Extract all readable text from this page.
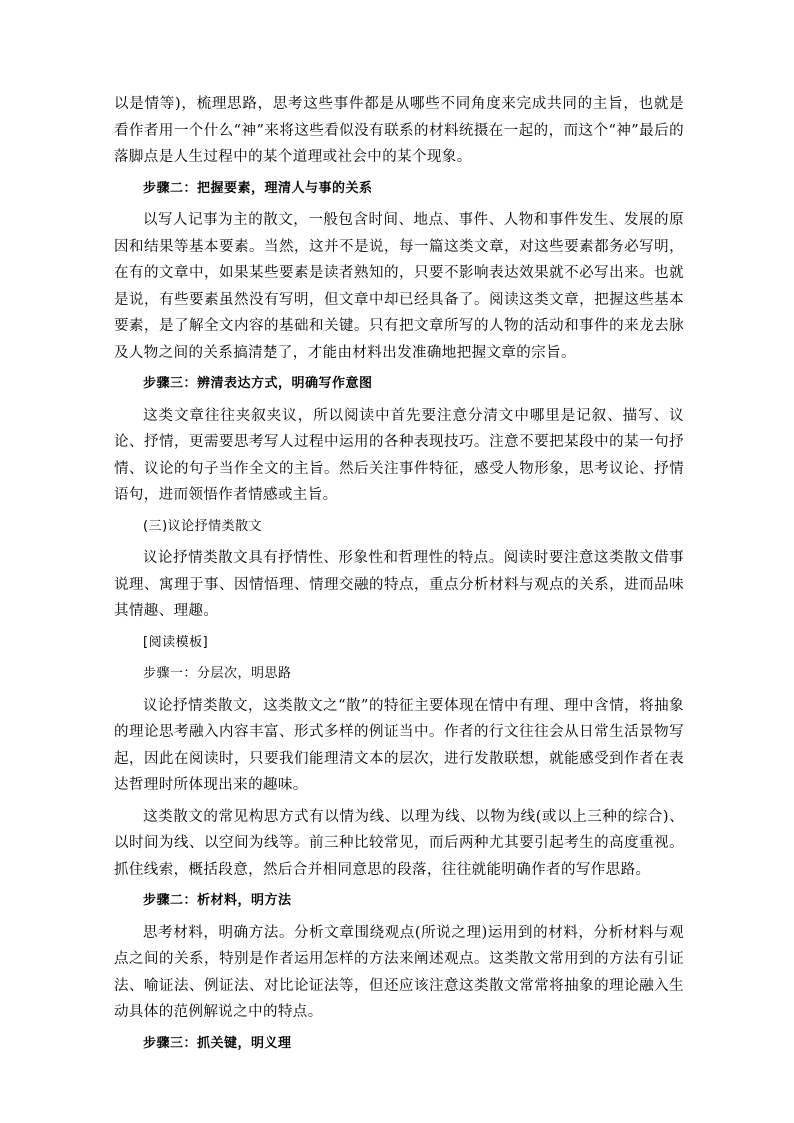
以是情等)，梳理思路，思考这些事件都是从哪些不同角度来完成共同的主旨，也就是看作者用一个什么“神”来将这些看似没有联系的材料统摄在一起的，而这个“神”最后的落脚点是人生过程中的某个道理或社会中的某个现象。

步骤二：把握要素，理清人与事的关系

以写人记事为主的散文，一般包含时间、地点、事件、人物和事件发生、发展的原因和结果等基本要素。当然，这并不是说，每一篇这类文章，对这些要素都务必写明，在有的文章中，如果某些要素是读者熟知的，只要不影响表达效果就不必写出来。也就是说，有些要素虽然没有写明，但文章中却已经具备了。阅读这类文章，把握这些基本要素，是了解全文内容的基础和关键。只有把文章所写的人物的活动和事件的来龙去脉及人物之间的关系搞清楚了，才能由材料出发准确地把握文章的宗旨。

步骤三：辨清表达方式，明确写作意图

这类文章往往夹叙夹议，所以阅读中首先要注意分清文中哪里是记叙、描写、议论、抒情，更需要思考写人过程中运用的各种表现技巧。注意不要把某段中的某一句抒情、议论的句子当作全文的主旨。然后关注事件特征，感受人物形象，思考议论、抒情语句，进而领悟作者情感或主旨。

(三)议论抒情类散文

议论抒情类散文具有抒情性、形象性和哲理性的特点。阅读时要注意这类散文借事说理、寓理于事、因情悟理、情理交融的特点，重点分析材料与观点的关系，进而品味其情趣、理趣。

[阅读模板]

步骤一：分层次，明思路

议论抒情类散文，这类散文之“散”的特征主要体现在情中有理、理中含情，将抽象的理论思考融入内容丰富、形式多样的例证当中。作者的行文往往会从日常生活景物写起，因此在阅读时，只要我们能理清文本的层次，进行发散联想，就能感受到作者在表达哲理时所体现出来的趣味。

这类散文的常见构思方式有以情为线、以理为线、以物为线(或以上三种的综合)、以时间为线、以空间为线等。前三种比较常见，而后两种尤其要引起考生的高度重视。抓住线索，概括段意，然后合并相同意思的段落，往往就能明确作者的写作思路。

步骤二：析材料，明方法

思考材料，明确方法。分析文章围绕观点(所说之理)运用到的材料，分析材料与观点之间的关系，特别是作者运用怎样的方法来阐述观点。这类散文常用到的方法有引证法、喻证法、例证法、对比论证法等，但还应该注意这类散文常常将抽象的理论融入生动具体的范例解说之中的特点。

步骤三：抓关键，明义理
